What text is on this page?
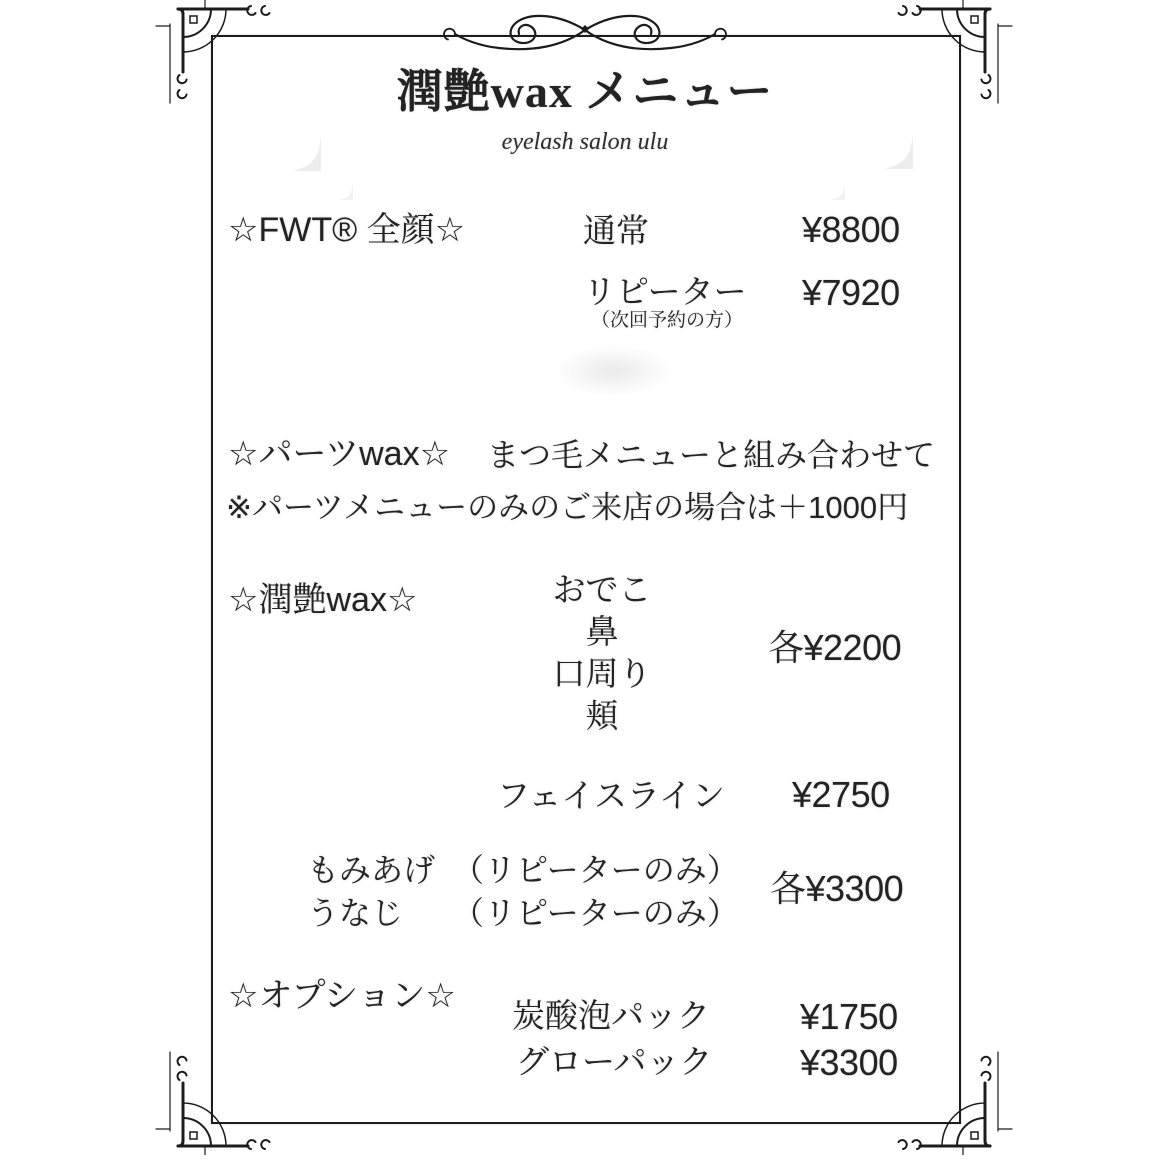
潤艶wax メニュー
eyelash salon ulu
☆FWT® 全顔☆	通常	¥8800
リピーター ¥7920
（次回予約の方）
☆パーツwax☆ まつ毛メニューと組み合わせて
※パーツメニューのみのご来店の場合は＋1000円
☆潤艶wax☆	おでこ
鼻
口周り
頬
各¥2200
フェイスライン ¥2750
もみあげ （リピーターのみ）
うなじ （リピーターのみ）
各¥3300
☆オプション☆
炭酸泡パック	¥1750
グローパック ¥3300
